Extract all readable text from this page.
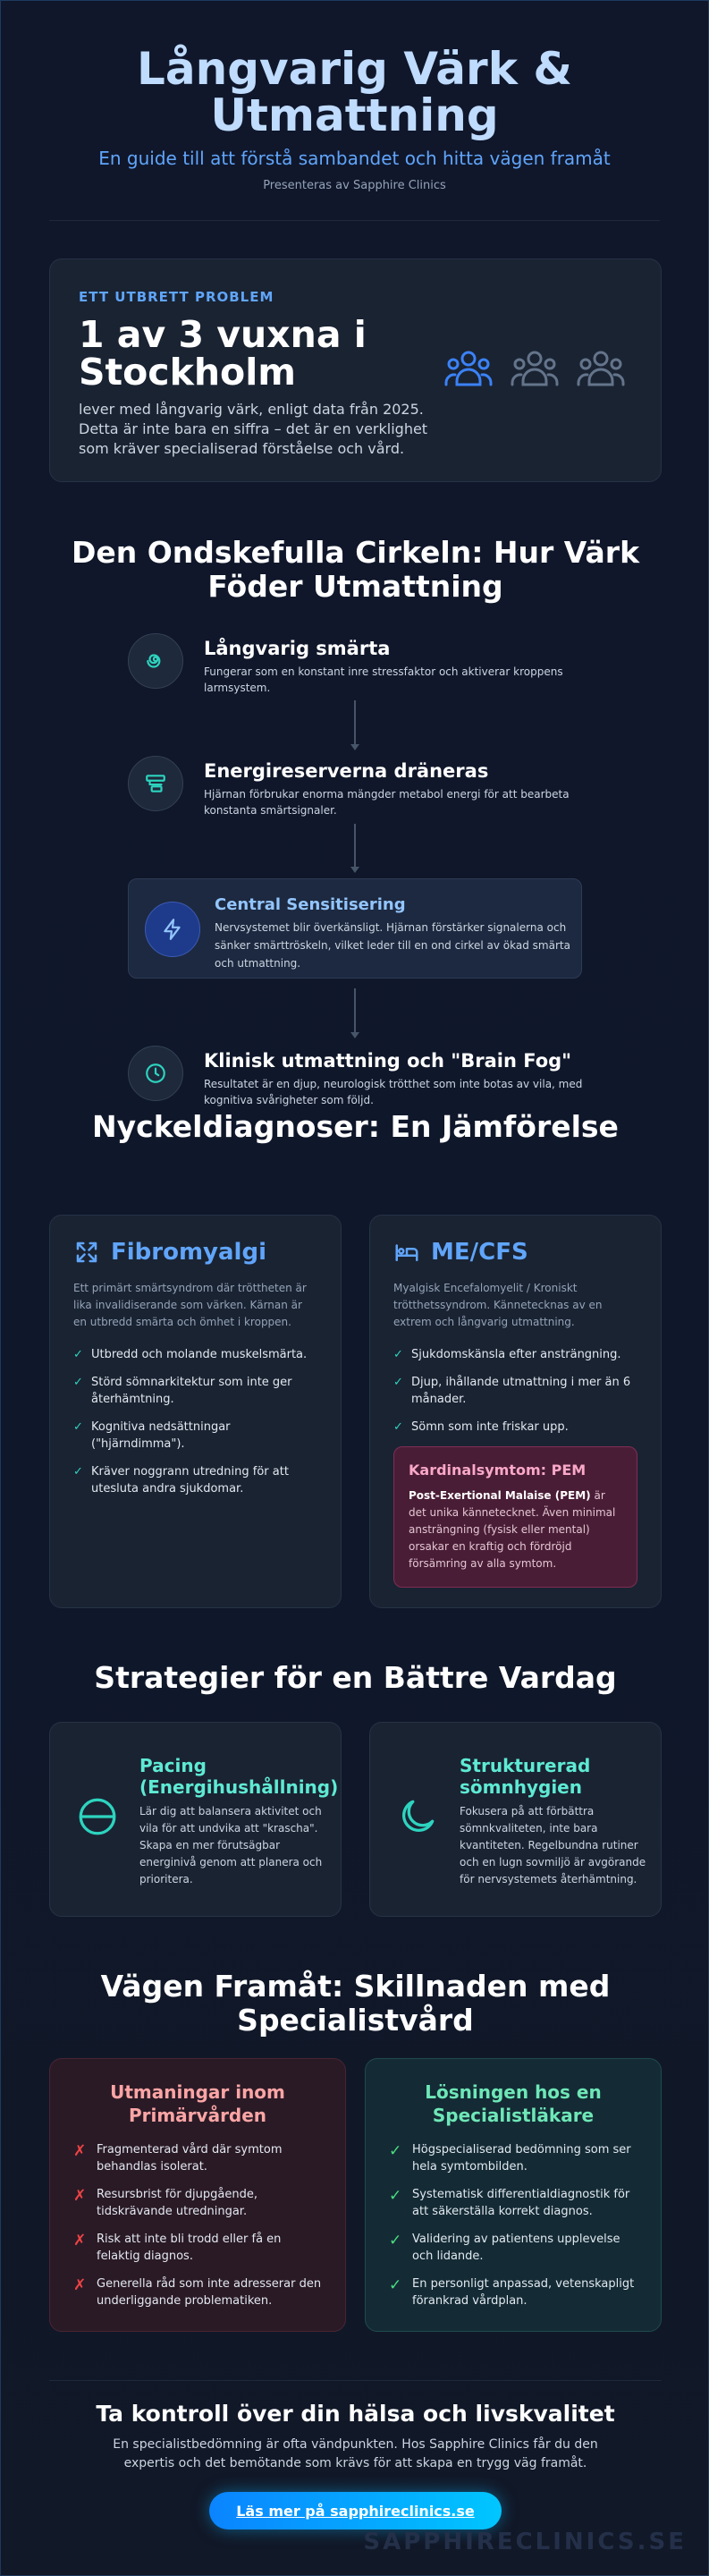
Långvarig Värk & Utmattning
En guide till att förstå sambandet och hitta vägen framåt
Presenteras av Sapphire Clinics
ETT UTBRETT PROBLEM
1 av 3 vuxna i Stockholm
lever med långvarig värk, enligt data från 2025. Detta är inte bara en siffra – det är en verklighet som kräver specialiserad förståelse och vård.
Den Ondskefulla Cirkeln: Hur Värk Föder Utmattning
Långvarig smärta
Fungerar som en konstant inre stressfaktor och aktiverar kroppens larmsystem.
Energireserverna dräneras
Hjärnan förbrukar enorma mängder metabol energi för att bearbeta konstanta smärtsignaler.
Central Sensitisering
Nervsystemet blir överkänsligt. Hjärnan förstärker signalerna och sänker smärttröskeln, vilket leder till en ond cirkel av ökad smärta och utmattning.
Klinisk utmattning och "Brain Fog"
Resultatet är en djup, neurologisk trötthet som inte botas av vila, med kognitiva svårigheter som följd.
Nyckeldiagnoser: En Jämförelse
Fibromyalgi
Ett primärt smärtsyndrom där tröttheten är lika invalidiserande som värken. Kärnan är en utbredd smärta och ömhet i kroppen.
✓ Utbredd och molande muskelsmärta.
✓ Störd sömnarkitektur som inte ger återhämtning.
✓ Kognitiva nedsättningar ("hjärndimma").
✓ Kräver noggrann utredning för att utesluta andra sjukdomar.
ME/CFS
Myalgisk Encefalomyelit / Kroniskt trötthetssyndrom. Kännetecknas av en extrem och långvarig utmattning.
✓ Sjukdomskänsla efter ansträngning.
✓ Djup, ihållande utmattning i mer än 6 månader.
✓ Sömn som inte friskar upp.
Kardinalsymtom: PEM
Post-Exertional Malaise (PEM) är det unika kännetecknet. Även minimal ansträngning (fysisk eller mental) orsakar en kraftig och fördröjd försämring av alla symtom.
Strategier för en Bättre Vardag
Pacing (Energihushållning)
Lär dig att balansera aktivitet och vila för att undvika att "krascha". Skapa en mer förutsägbar energinivå genom att planera och prioritera.
Strukturerad sömnhygien
Fokusera på att förbättra sömnkvaliteten, inte bara kvantiteten. Regelbundna rutiner och en lugn sovmiljö är avgörande för nervsystemets återhämtning.
Vägen Framåt: Skillnaden med Specialistvård
Utmaningar inom Primärvården
✗ Fragmenterad vård där symtom behandlas isolerat.
✗ Resursbrist för djupgående, tidskrävande utredningar.
✗ Risk att inte bli trodd eller få en felaktig diagnos.
✗ Generella råd som inte adresserar den underliggande problematiken.
Lösningen hos en Specialistläkare
✓ Högspecialiserad bedömning som ser hela symtombilden.
✓ Systematisk differentialdiagnostik för att säkerställa korrekt diagnos.
✓ Validering av patientens upplevelse och lidande.
✓ En personligt anpassad, vetenskapligt förankrad vårdplan.
Ta kontroll över din hälsa och livskvalitet
En specialistbedömning är ofta vändpunkten. Hos Sapphire Clinics får du den expertis och det bemötande som krävs för att skapa en trygg väg framåt.
Läs mer på sapphireclinics.se
SAPPHIRECLINICS.SE
